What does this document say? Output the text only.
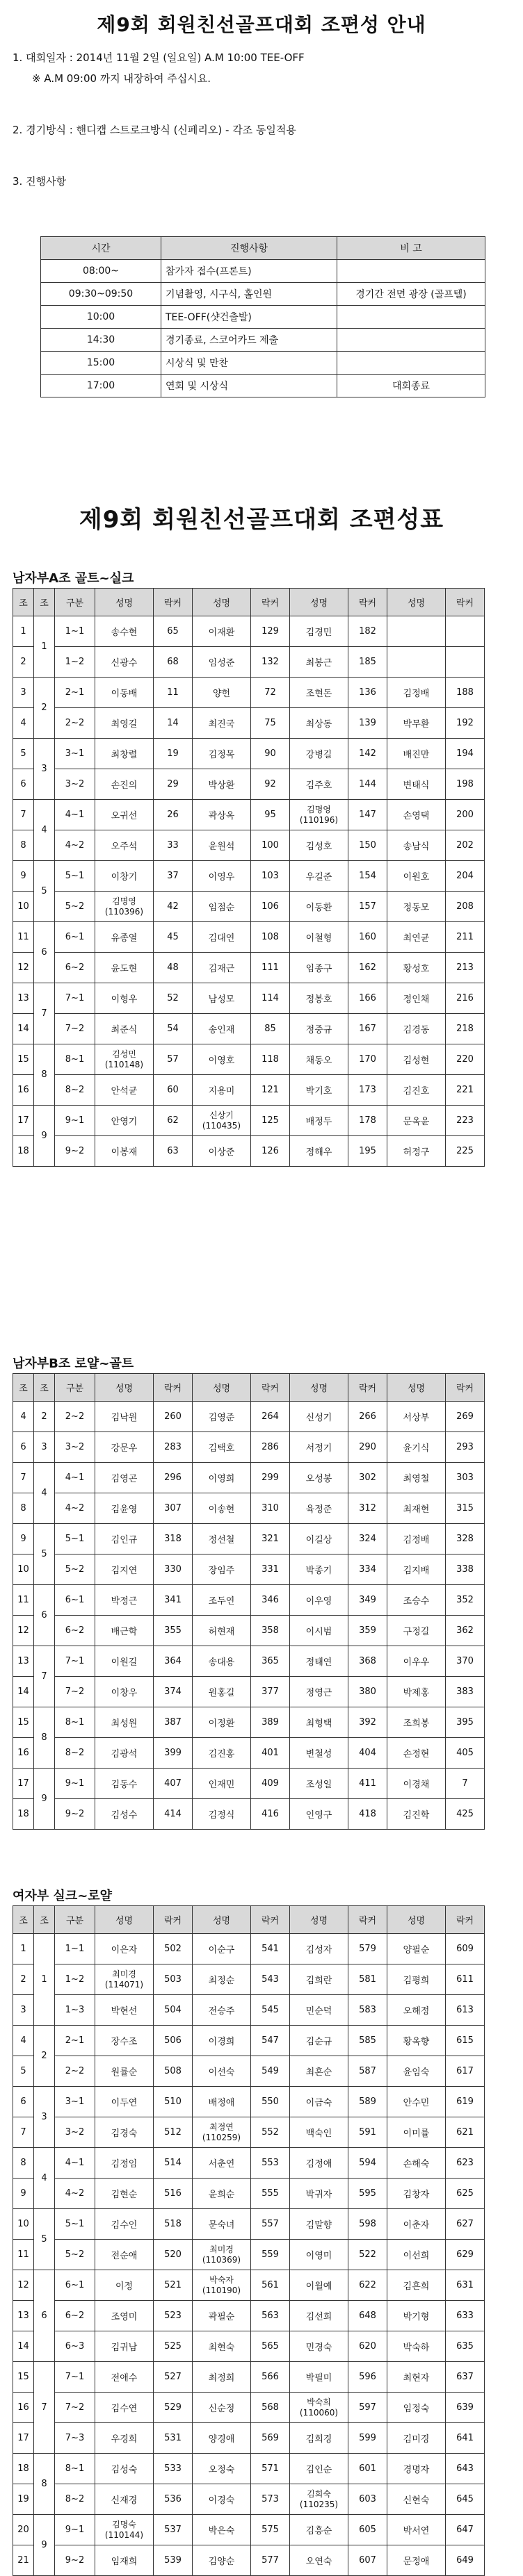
제9회 회원친선골프대회 조편성 안내
1. 대회일자 : 2014년 11월 2일 (일요일) A.M 10:00 TEE-OFF
※ A.M 09:00 까지 내장하여 주십시요.
2. 경기방식 : 핸디캡 스트로크방식 (신페리오) - 각조 동일적용
3. 진행사항
시간	진행사항	비 고
08:00~	참가자 접수(프론트)	
09:30~09:50	기념촬영, 시구식, 홀인원	경기간 전면 광장 (골프텔)
10:00	TEE-OFF(샷건출발)	
14:30	경기종료, 스코어카드 제출	
15:00	시상식 및 만찬	
17:00	연회 및 시상식	대회종료
제9회 회원친선골프대회 조편성표
남자부A조 골트~실크
조	조	구분	성명	락커	성명	락커	성명	락커	성명	락커
1	1	1~1	송수현	65	이재환	129	김경민	182		
2		1~2	신광수	68	임성준	132	최봉근	185		
3	2	2~1	이동배	11	양헌	72	조현돈	136	김정배	188
4		2~2	최영길	14	최진국	75	최상동	139	박무환	192
5	3	3~1	최창렬	19	김정목	90	강병길	142	배진만	194
6		3~2	손진의	29	박상환	92	김주호	144	변태식	198
7	4	4~1	오귀선	26	곽상옥	95	김명영
(110196)	147	손영택	200
8		4~2	오주석	33	윤원석	100	김성호	150	송남식	202
9	5	5~1	이창기	37	이영우	103	우길준	154	이원호	204
10		5~2	김명영
(110396)	42	임점순	106	이동환	157	정동모	208
11	6	6~1	유종열	45	김대연	108	이철형	160	최연균	211
12		6~2	윤도현	48	김재근	111	임종구	162	황성호	213
13	7	7~1	이형우	52	남성모	114	정봉호	166	정인채	216
14		7~2	최준식	54	송인재	85	정중규	167	김경동	218
15	8	8~1	김성민
(110148)	57	이영호	118	채동오	170	김성현	220
16		8~2	안석균	60	지용미	121	박기호	173	김진호	221
17	9	9~1	안영기	62	신상기
(110435)	125	배정두	178	문옥윤	223
18		9~2	이봉재	63	이상준	126	정해우	195	허정구	225
남자부B조 로얄~골트
조	조	구분	성명	락커	성명	락커	성명	락커	성명	락커
4	2	2~2	김낙원	260	김영준	264	신성기	266	서상부	269
6	3	3~2	강문우	283	김택호	286	서정기	290	윤기식	293
7	4	4~1	김영곤	296	이영희	299	오성봉	302	최영철	303
8		4~2	김윤영	307	이송현	310	육정준	312	최재현	315
9	5	5~1	김인규	318	정선철	321	이길상	324	김정배	328
10		5~2	김지연	330	장임주	331	박종기	334	김지배	338
11	6	6~1	박정근	341	조두연	346	이우영	349	조승수	352
12		6~2	배근학	355	허현재	358	이시범	359	구정길	362
13	7	7~1	이원길	364	송대용	365	정태연	368	이우우	370
14		7~2	이창우	374	원홍길	377	정영근	380	박제홍	383
15	8	8~1	최성원	387	이정환	389	최형택	392	조희봉	395
16		8~2	김광석	399	김진홍	401	변철성	404	손정현	405
17	9	9~1	김동수	407	인재민	409	조성일	411	이경채	7
18		9~2	김성수	414	김정식	416	인영구	418	김진학	425
여자부 실크~로얄
조	조	구분	성명	락커	성명	락커	성명	락커	성명	락커
1	1	1~1	이은자	502	이순구	541	김성자	579	양필순	609
2		1~2	최미경
(114071)	503	최정순	543	김희란	581	김평희	611
3		1~3	박현선	504	전승주	545	민순덕	583	오해정	613
4	2	2~1	장수조	506	이경희	547	김순규	585	황옥향	615
5		2~2	원률순	508	이선숙	549	최혼순	587	윤임숙	617
6	3	3~1	이두연	510	배정애	550	이금숙	589	안수민	619
7		3~2	김경숙	512	최정연
(110259)	552	백숙인	591	이미률	621
8	4	4~1	김정임	514	서춘연	553	김정애	594	손해숙	623
9		4~2	김현순	516	윤희순	555	박귀자	595	김창자	625
10	5	5~1	김수인	518	문숙녀	557	김말향	598	이춘자	627
11		5~2	전순애	520	최미경
(110369)	559	이영미	522	이선희	629
12	6	6~1	이정	521	박숙자
(110190)	561	이월예	622	김흔희	631
13		6~2	조영미	523	곽필순	563	김선희	648	박기형	633
14		6~3	김귀남	525	최현숙	565	민경숙	620	박숙하	635
15	7	7~1	전애수	527	최정희	566	박필미	596	최현자	637
16		7~2	김수연	529	신순정	568	박숙희
(110060)	597	임정숙	639
17		7~3	우경희	531	양경애	569	김희경	599	김미경	641
18	8	8~1	김성숙	533	오정숙	571	김인순	601	경명자	643
19		8~2	신재경	536	이경숙	573	김희숙
(110235)	603	신현숙	645
20	9	9~1	김명숙
(110144)	537	박은숙	575	김흥순	605	박서연	647
21		9~2	임재희	539	김양순	577	오연숙	607	문정애	649
